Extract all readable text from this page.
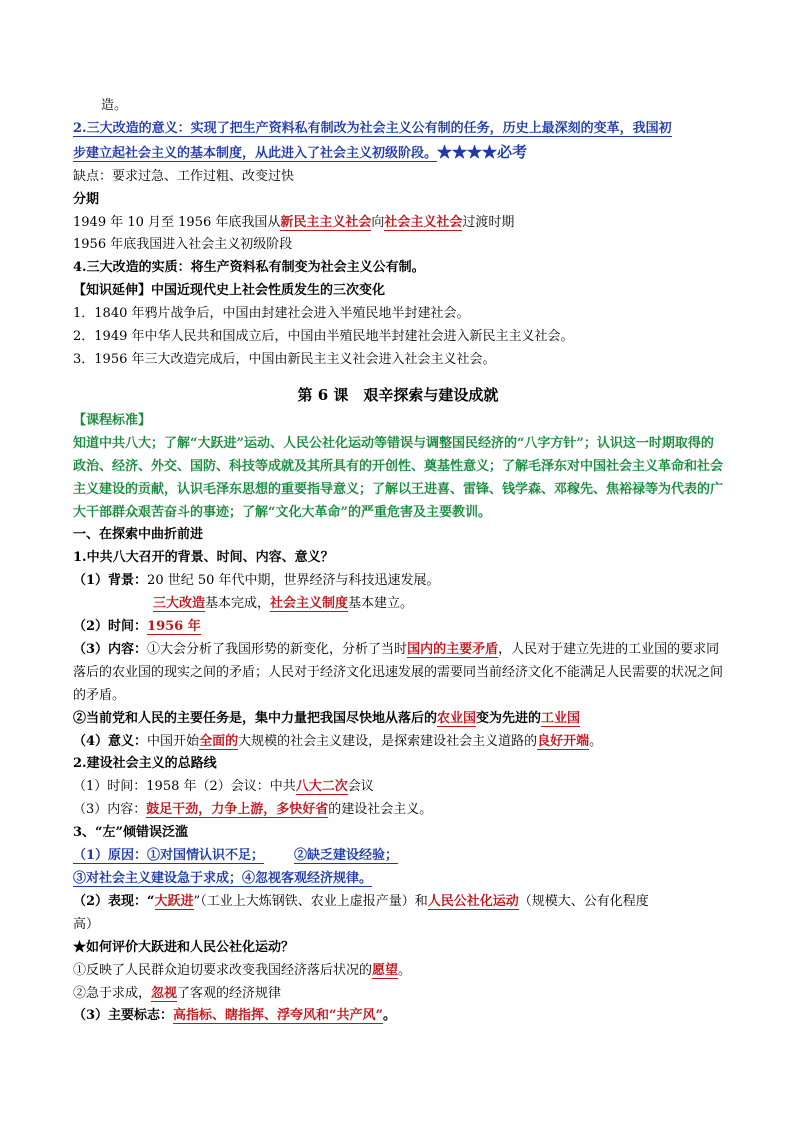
造。
2.三大改造的意义：实现了把生产资料私有制改为社会主义公有制的任务，历史上最深刻的变革，我国初
步建立起社会主义的基本制度，从此进入了社会主义初级阶段。★★★★必考
缺点：要求过急、工作过粗、改变过快
分期
1949 年 10 月至 1956 年底我国从新民主主义社会向社会主义社会过渡时期
1956 年底我国进入社会主义初级阶段
4.三大改造的实质：将生产资料私有制变为社会主义公有制。
【知识延伸】中国近现代史上社会性质发生的三次变化
1．1840 年鸦片战争后，中国由封建社会进入半殖民地半封建社会。
2．1949 年中华人民共和国成立后，中国由半殖民地半封建社会进入新民主主义社会。
3．1956 年三大改造完成后，中国由新民主主义社会进入社会主义社会。
第 6 课　艰辛探索与建设成就
【课程标准】
知道中共八大；了解“大跃进”运动、人民公社化运动等错误与调整国民经济的“八字方针”；认识这一时期取得的政治、经济、外交、国防、科技等成就及其所具有的开创性、奠基性意义；了解毛泽东对中国社会主义革命和社会主义建设的贡献，认识毛泽东思想的重要指导意义；了解以王进喜、雷锋、钱学森、邓稼先、焦裕禄等为代表的广大干部群众艰苦奋斗的事迹；了解“文化大革命”的严重危害及主要教训。
一、在探索中曲折前进
1.中共八大召开的背景、时间、内容、意义？
（1）背景：20 世纪 50 年代中期，世界经济与科技迅速发展。
三大改造基本完成，社会主义制度基本建立。
（2）时间：1956 年
（3）内容：①大会分析了我国形势的新变化，分析了当时国内的主要矛盾，人民对于建立先进的工业国的要求同落后的农业国的现实之间的矛盾；人民对于经济文化迅速发展的需要同当前经济文化不能满足人民需要的状况之间的矛盾。
②当前党和人民的主要任务是，集中力量把我国尽快地从落后的农业国变为先进的工业国
（4）意义：中国开始全面的大规模的社会主义建设，是探索建设社会主义道路的良好开端。
2.建设社会主义的总路线
（1）时间：1958 年（2）会议：中共八大二次会议
（3）内容：鼓足干劲，力争上游，多快好省的建设社会主义。
3、“左”倾错误泛滥
（1）原因：①对国情认识不足； ②缺乏建设经验；
③对社会主义建设急于求成；④忽视客观经济规律。
（2）表现：“大跃进”（工业上大炼钢铁、农业上虚报产量）和人民公社化运动（规模大、公有化程度
高）
★如何评价大跃进和人民公社化运动？
①反映了人民群众迫切要求改变我国经济落后状况的愿望。
②急于求成，忽视了客观的经济规律
（3）主要标志：高指标、瞎指挥、浮夸风和“共产风”。
